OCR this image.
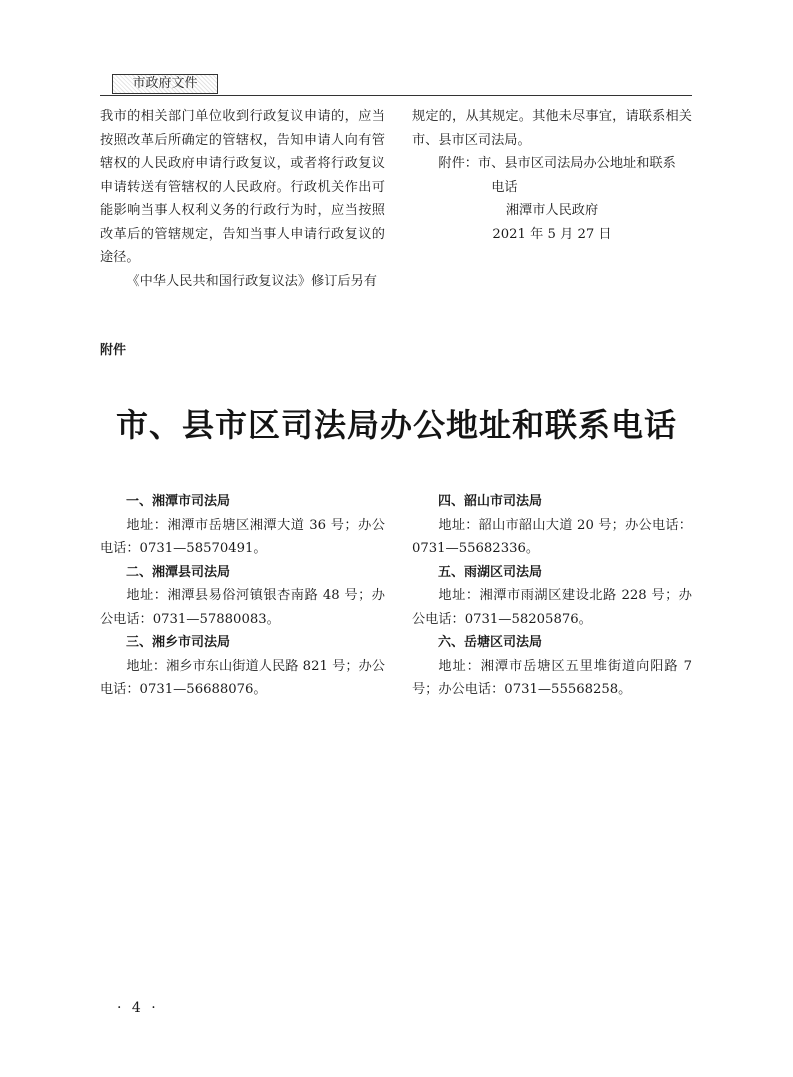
市政府文件

我市的相关部门单位收到行政复议申请的，应当按照改革后所确定的管辖权，告知申请人向有管辖权的人民政府申请行政复议，或者将行政复议申请转送有管辖权的人民政府。行政机关作出可能影响当事人权利义务的行政行为时，应当按照改革后的管辖规定，告知当事人申请行政复议的途径。

《中华人民共和国行政复议法》修订后另有

规定的，从其规定。其他未尽事宜，请联系相关市、县市区司法局。

附件：市、县市区司法局办公地址和联系
电话

湘潭市人民政府

2021 年 5 月 27 日

附件
市、县市区司法局办公地址和联系电话

一、湘潭市司法局

地址：湘潭市岳塘区湘潭大道 36 号；办公电话：0731—58570491。

二、湘潭县司法局

地址：湘潭县易俗河镇银杏南路 48 号；办公电话：0731—57880083。

三、湘乡市司法局

地址：湘乡市东山街道人民路 821 号；办公电话：0731—56688076。

四、韶山市司法局

地址：韶山市韶山大道 20 号；办公电话：0731—55682336。

五、雨湖区司法局

地址：湘潭市雨湖区建设北路 228 号；办公电话：0731—58205876。

六、岳塘区司法局

地址：湘潭市岳塘区五里堆街道向阳路 7 号；办公电话：0731—55568258。

· 4 ·
